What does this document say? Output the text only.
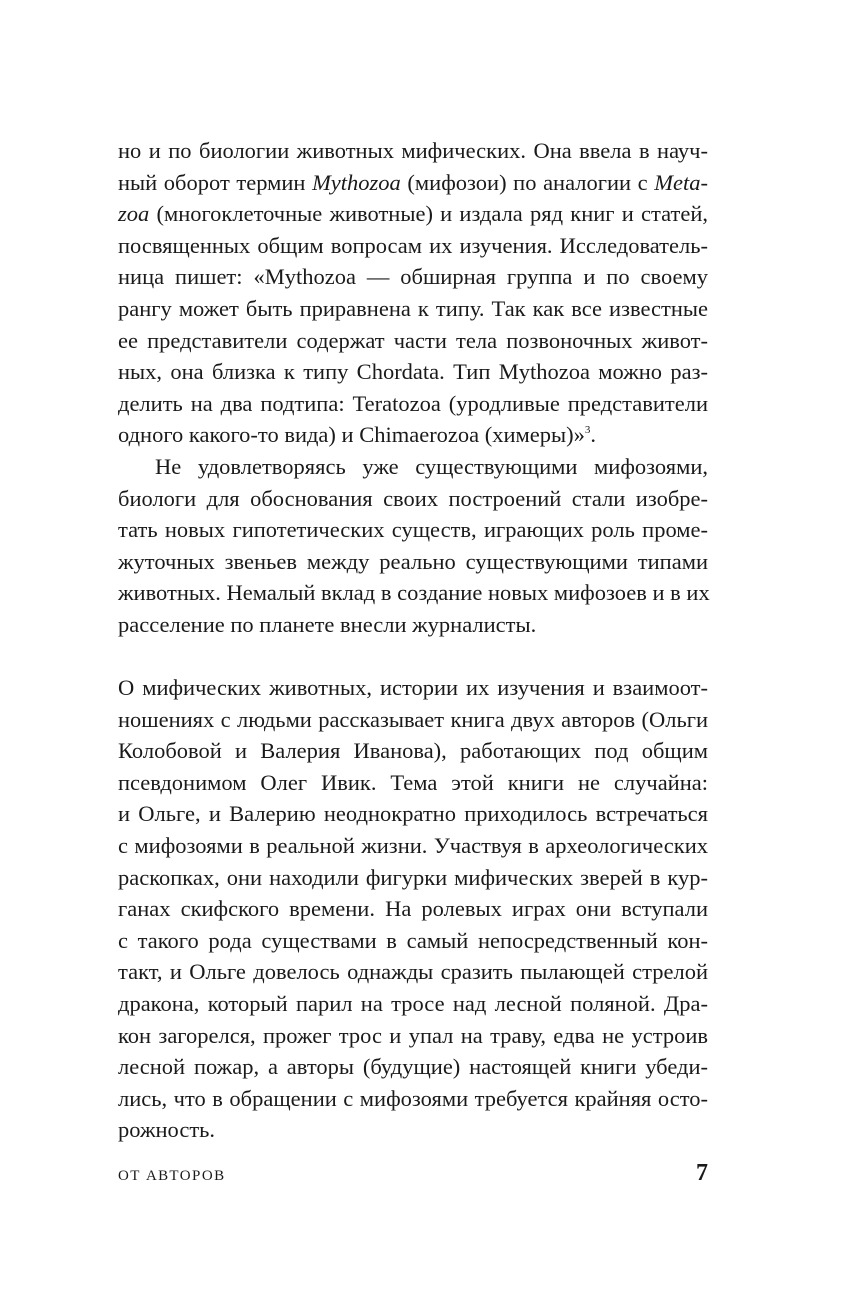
но и по биологии животных мифических. Она ввела в науч-
ный оборот термин Mythozoa (мифозои) по аналогии с Meta-
zoa (многоклеточные животные) и издала ряд книг и статей,
посвященных общим вопросам их изучения. Исследователь-
ница пишет: «Mythozoa — обширная группа и по своему
рангу может быть приравнена к типу. Так как все известные
ее представители содержат части тела позвоночных живот-
ных, она близка к типу Chordata. Тип Mythozoa можно раз-
делить на два подтипа: Teratozoa (уродливые представители
одного какого-то вида) и Chimaerozoa (химеры)»$^3$.
Не удовлетворяясь уже существующими мифозоями,
биологи для обоснования своих построений стали изобре-
тать новых гипотетических существ, играющих роль проме-
жуточных звеньев между реально существующими типами
животных. Немалый вклад в создание новых мифозоев и в их
расселение по планете внесли журналисты.
О мифических животных, истории их изучения и взаимоот-
ношениях с людьми рассказывает книга двух авторов (Ольги
Колобовой и Валерия Иванова), работающих под общим
псевдонимом Олег Ивик. Тема этой книги не случайна:
и Ольге, и Валерию неоднократно приходилось встречаться
с мифозоями в реальной жизни. Участвуя в археологических
раскопках, они находили фигурки мифических зверей в кур-
ганах скифского времени. На ролевых играх они вступали
с такого рода существами в самый непосредственный кон-
такт, и Ольге довелось однажды сразить пылающей стрелой
дракона, который парил на тросе над лесной поляной. Дра-
кон загорелся, прожег трос и упал на траву, едва не устроив
лесной пожар, а авторы (будущие) настоящей книги убеди-
лись, что в обращении с мифозоями требуется крайняя осто-
рожность.
ОТ АВТОРОВ	7
